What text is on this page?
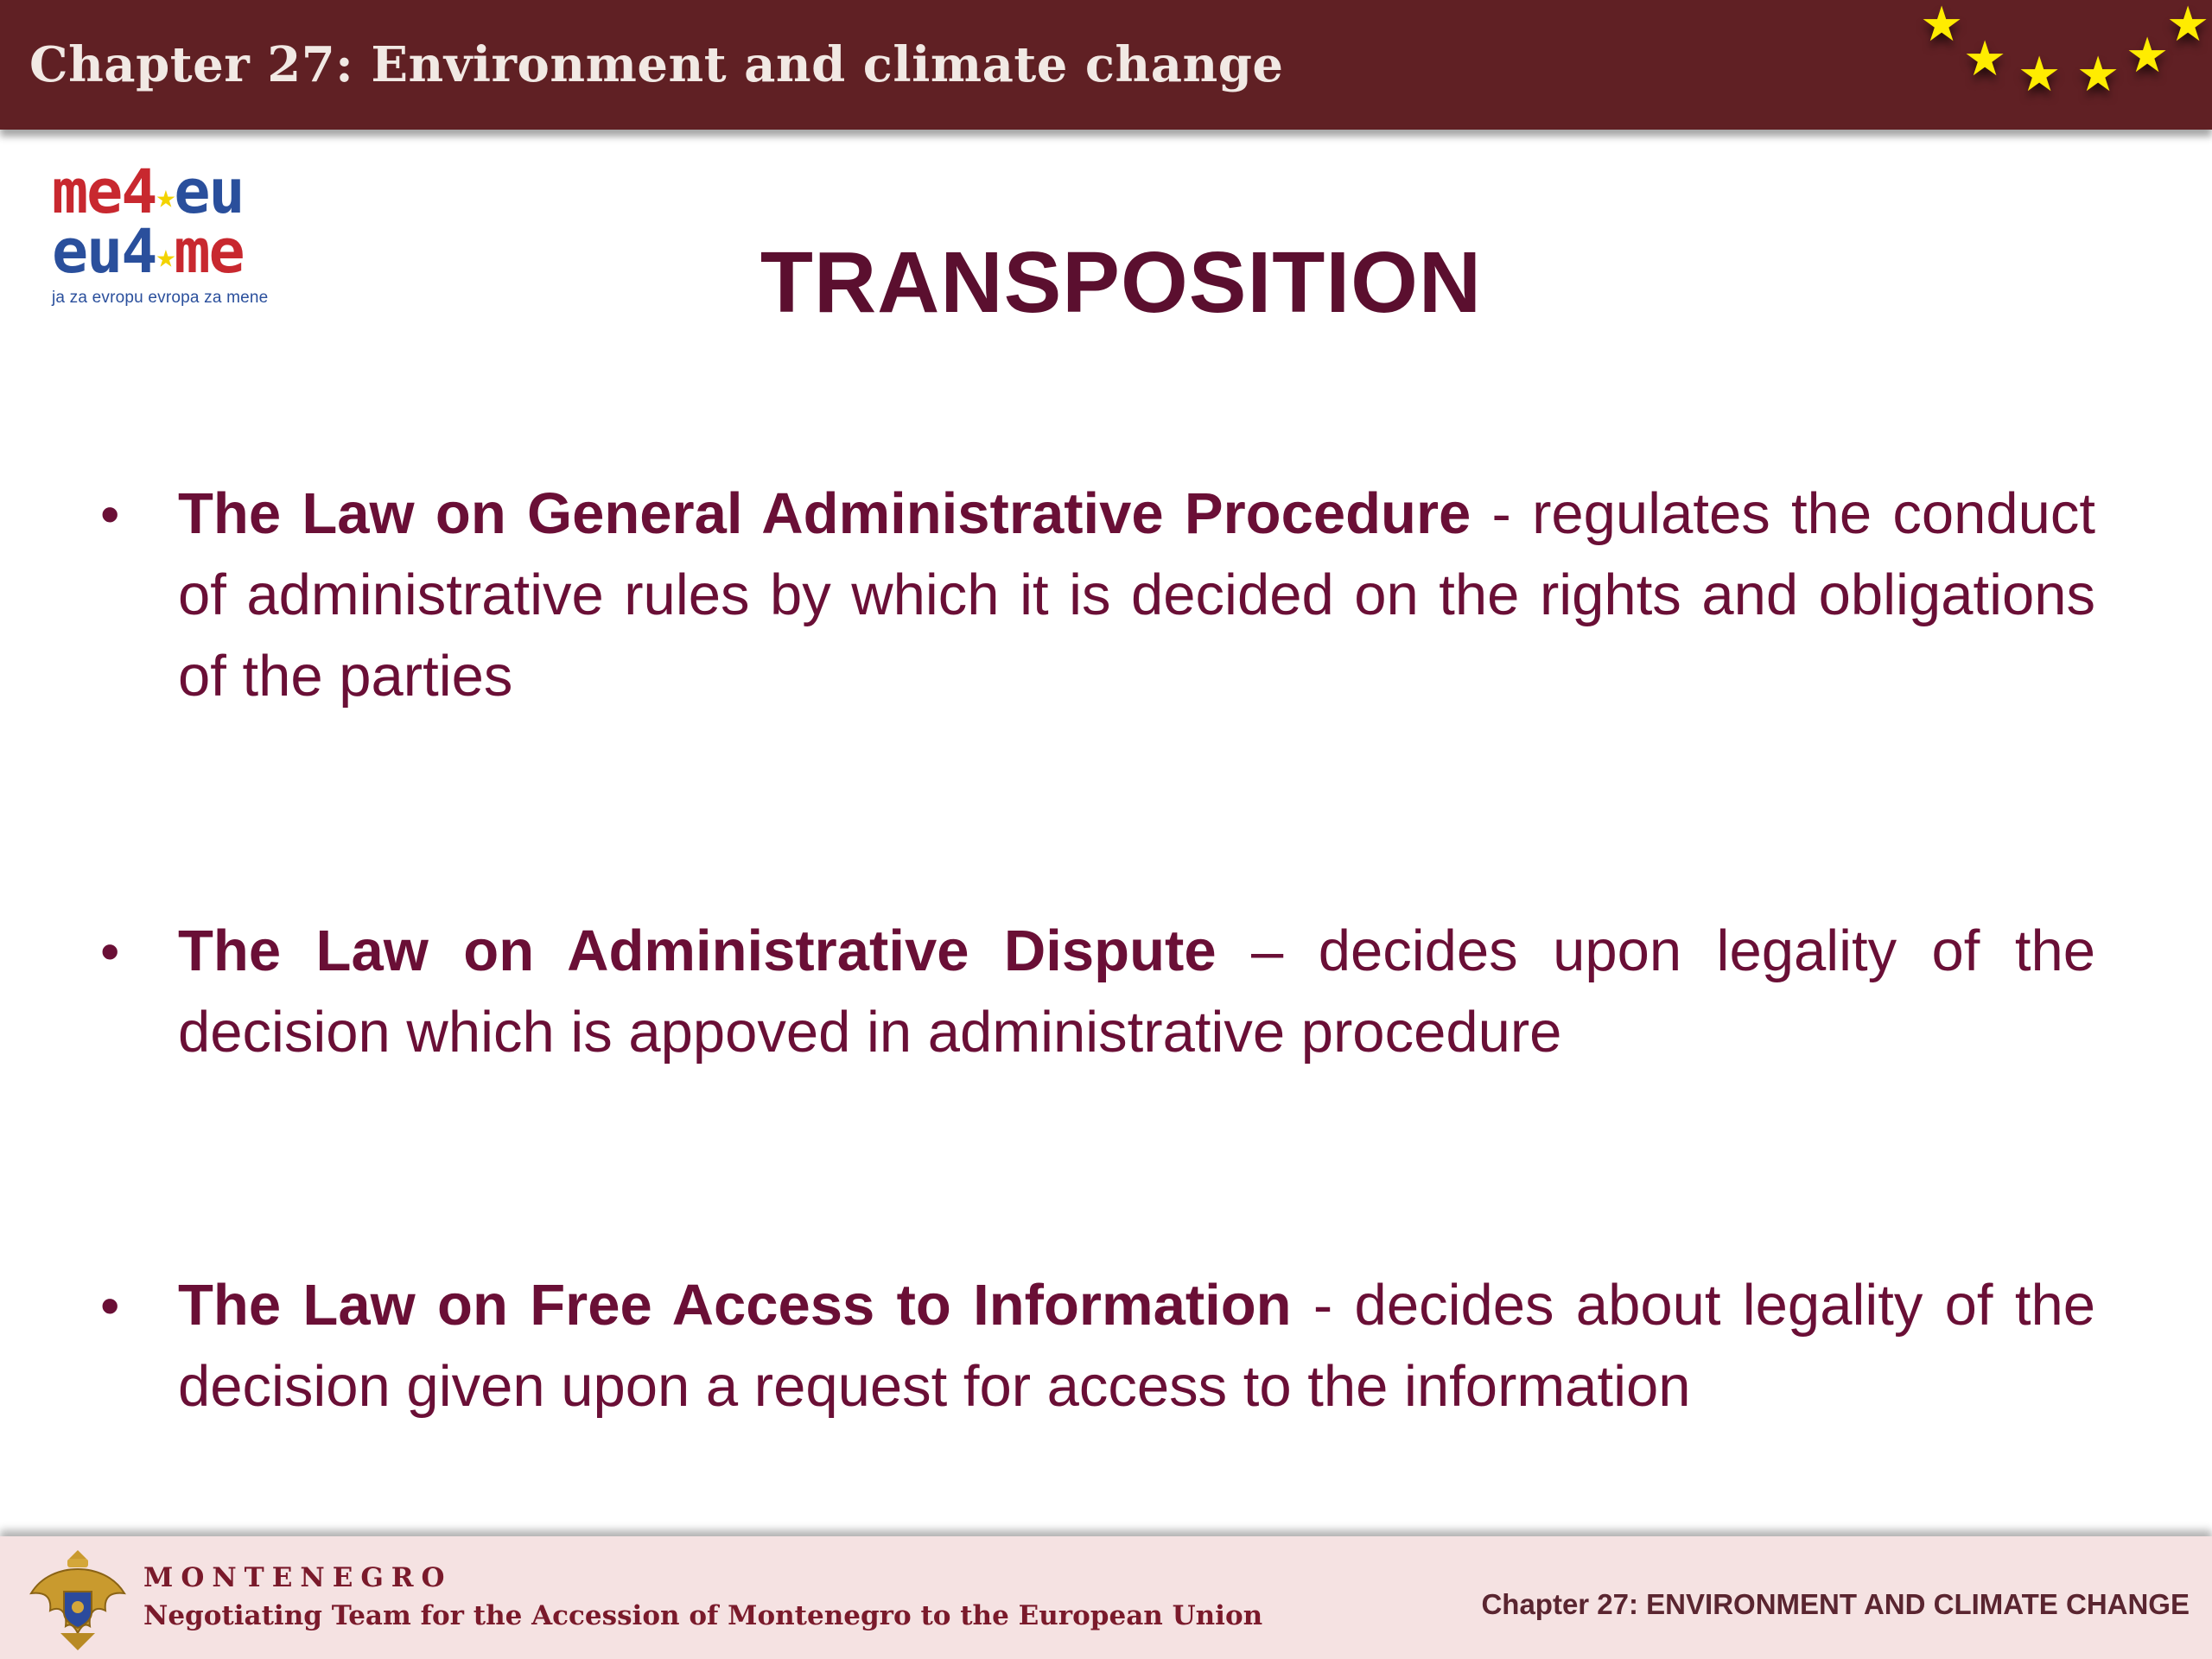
Chapter 27: Environment and climate change
★
★ ★ ★ ★
★
me4★eu
eu4★me
ja za evropu evropa za mene	TRANSPOSITION
• The Law on General Administrative Procedure - regulates the conduct of administrative rules by which it is decided on the rights and obligations of the parties
• The Law on Administrative Dispute – decides upon legality of the decision which is appoved in administrative procedure
• The Law on Free Access to Information - decides about legality of the decision given upon a request for access to the information
MONTENEGRO
Negotiating Team for the Accession of Montenegro to the European Union	Chapter 27: ENVIRONMENT AND CLIMATE CHANGE
